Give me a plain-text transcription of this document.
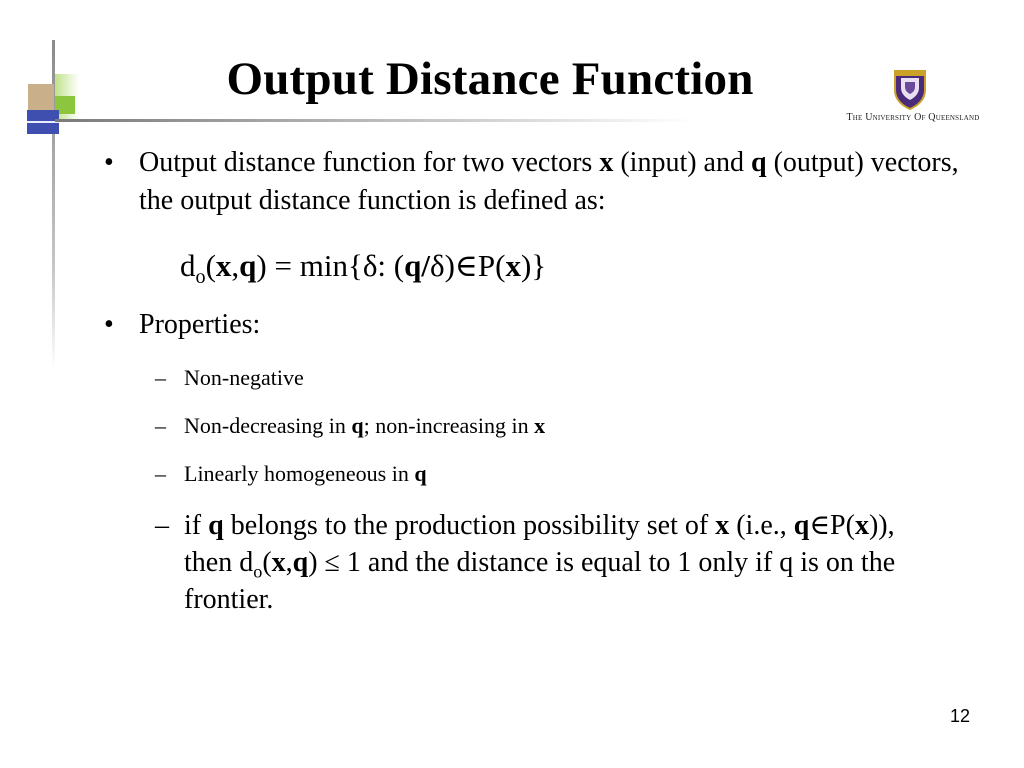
Output Distance Function
The University Of Queensland
• Output distance function for two vectors x (input) and q (output) vectors, the output distance function is defined as:
$d_o(x,q) = \min\{\delta$: (q/δ)∈P(x)}
• Properties:
– Non-negative
– Non-decreasing in q; non-increasing in x
– Linearly homogeneous in q
– if q belongs to the production possibility set of x (i.e., q∈P(x)), then $d_o(x,q) \le 1$ and the distance is equal to 1 only if q is on the frontier.
12
